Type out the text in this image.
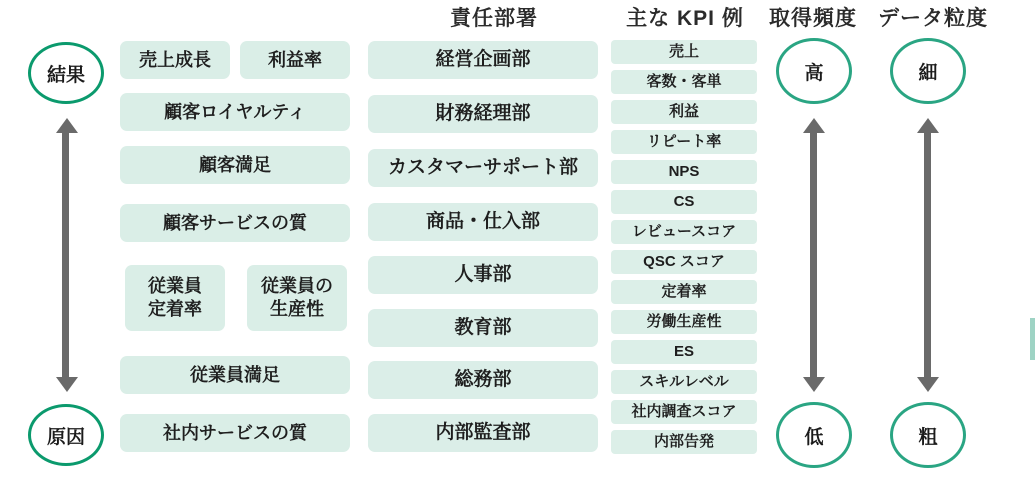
責任部署	主な KPI 例	取得頻度	データ粒度
結果
原因
売上成長	利益率
顧客ロイヤルティ
顧客満足
顧客サービスの質
従業員
定着率
従業員の
生産性
従業員満足
社内サービスの質
経営企画部
財務経理部
カスタマーサポート部
商品・仕入部
人事部
教育部
総務部
内部監査部
売上
客数・客単
利益
リピート率
NPS
CS
レビュースコア
QSC スコア
定着率
労働生産性
ES
スキルレベル
社内調査スコア
内部告発
高
低
細
粗
